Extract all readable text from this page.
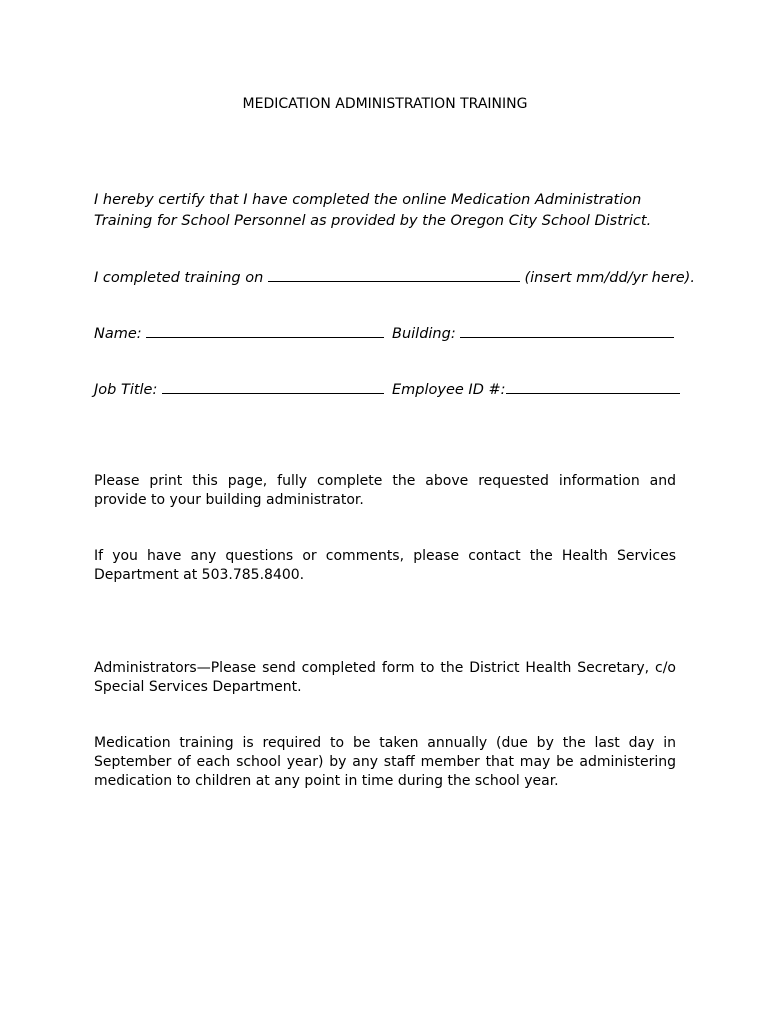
MEDICATION ADMINISTRATION TRAINING
I hereby certify that I have completed the online Medication Administration Training for School Personnel as provided by the Oregon City School District.
I completed training on	(insert mm/dd/yr here).
Name:	Building:
Job Title:	Employee ID #:
Please print this page, fully complete the above requested information and provide to your building administrator.
If you have any questions or comments, please contact the Health Services Department at 503.785.8400.
Administrators—Please send completed form to the District Health Secretary, c/o Special Services Department.
Medication training is required to be taken annually (due by the last day in September of each school year) by any staff member that may be administering medication to children at any point in time during the school year.
